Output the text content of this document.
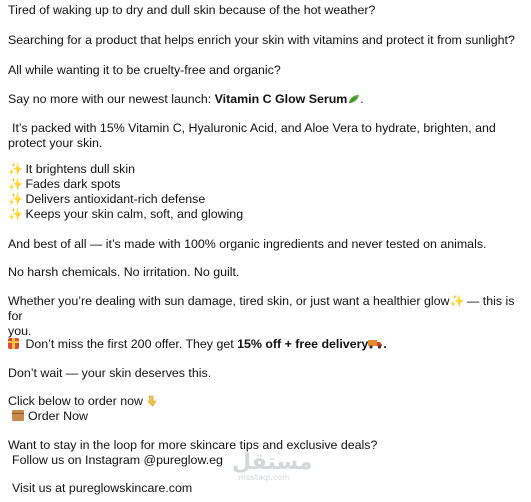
Tired of waking up to dry and dull skin because of the hot weather?

Searching for a product that helps enrich your skin with vitamins and protect it from sunlight?

All while wanting it to be cruelty-free and organic?

Say no more with our newest launch: Vitamin C Glow Serum .

It’s packed with 15% Vitamin C, Hyaluronic Acid, and Aloe Vera to hydrate, brighten, and
protect your skin.

✨ It brightens dull skin
✨ Fades dark spots
✨ Delivers antioxidant-rich defense
✨ Keeps your skin calm, soft, and glowing

And best of all — it’s made with 100% organic ingredients and never tested on animals.

No harsh chemicals. No irritation. No guilt.

Whether you’re dealing with sun damage, tired skin, or just want a healthier glow✨ — this is for
you.

Don’t miss the first 200 offer. They get 15% off + free delivery .

Don’t wait — your skin deserves this.

Click below to order now

Order Now

Want to stay in the loop for more skincare tips and exclusive deals?
Follow us on Instagram @pureglow.eg

Visit us at pureglowskincare.com

مستقل
mostaql.com
